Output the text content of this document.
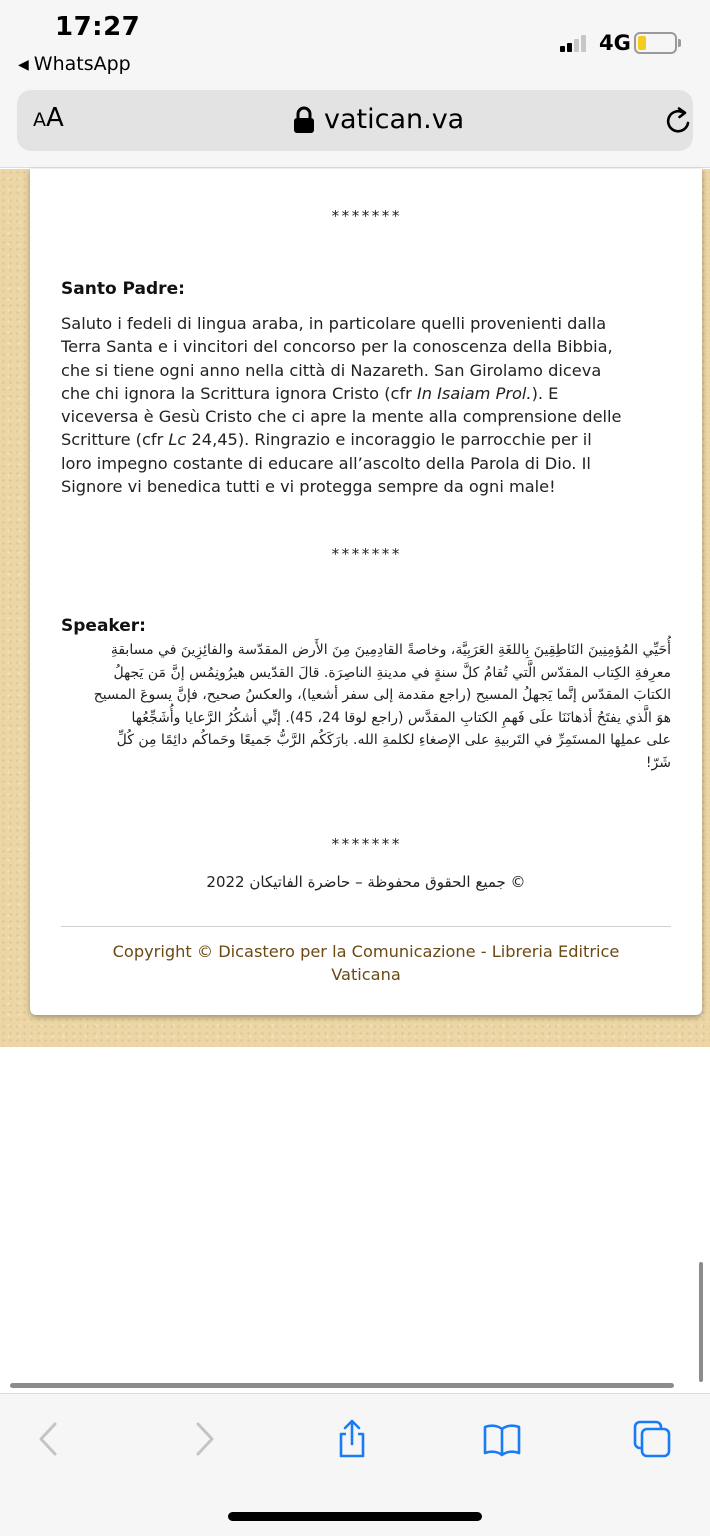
17:27
◀ WhatsApp
4G
AA	vatican.va
*******
Santo Padre:

Saluto i fedeli di lingua araba, in particolare quelli provenienti dalla

Terra Santa e i vincitori del concorso per la conoscenza della Bibbia,

che si tiene ogni anno nella città di Nazareth. San Girolamo diceva

che chi ignora la Scrittura ignora Cristo (cfr In Isaiam Prol.). E

viceversa è Gesù Cristo che ci apre la mente alla comprensione delle

Scritture (cfr Lc 24,45). Ringrazio e incoraggio le parrocchie per il

loro impegno costante di educare all’ascolto della Parola di Dio. Il

Signore vi benedica tutti e vi protegga sempre da ogni male!

*******
Speaker:

أُحَيِّي المُؤمِنِينَ النَاطِقِينَ بِاللغَةِ العَرَبِيَّة، وخاصةً القادِمِينَ مِنَ الأَرض المقدّسة والفائِزِينَ في مسابقةِ

معرِفةِ الكِتاب المقدّس الَّتي تُقامُ كلَّ سنةٍ في مدينةِ الناصِرَة. قالَ القدّيس هيرُونِمُس إنَّ مَن يَجهلُ

الكتابَ المقدّس إنَّما يَجهلُ المسيح (راجع مقدمة إلى سفر أشعيا)، والعكسُ صحيح، فإنَّ يسوعَ المسيح

هوَ الَّذي يفتَحُ أذهانَنَا علَى فَهمِ الكتابِ المقدَّس (راجع لوقا 24، 45). إنِّي أشكُرُ الرَّعايا وأُشَجِّعُها

على عملِها المستَمِرِّ في التَربيةِ على الإصغاءِ لكلمةِ الله. بارَكَكُم الرَّبُّ جَميعًا وحَماكُم دائِمًا مِن كُلِّ

شَرّ!

*******
© جميع الحقوق محفوظة – حاضرة الفاتيكان 2022
Copyright © Dicastero per la Comunicazione - Libreria Editrice
Vaticana
